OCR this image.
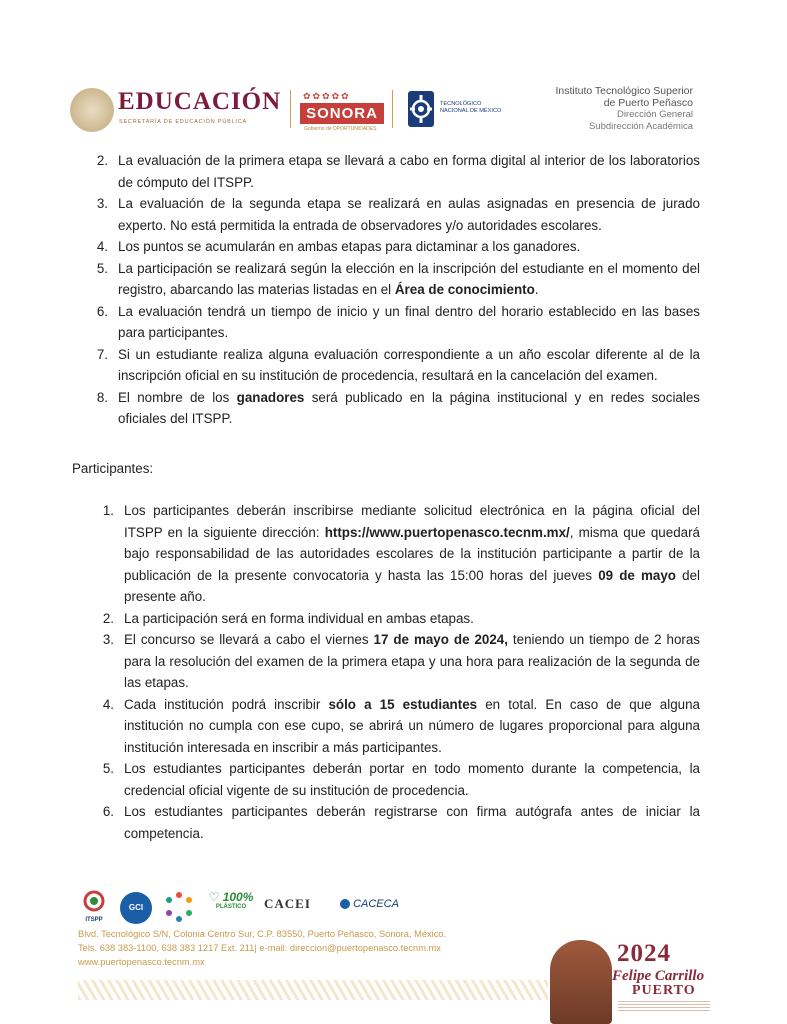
EDUCACIÓN
SECRETARÍA DE EDUCACIÓN PÚBLICA
✿✿✿✿✿
SONORA
Gobierno de OPORTUNIDADES
TECNOLÓGICO
NACIONAL DE MÉXICO
Instituto Tecnológico Superior
de Puerto Peñasco
Dirección General
Subdirección Académica
2. La evaluación de la primera etapa se llevará a cabo en forma digital al interior de los laboratorios de cómputo del ITSPP.
3. La evaluación de la segunda etapa se realizará en aulas asignadas en presencia de jurado experto. No está permitida la entrada de observadores y/o autoridades escolares.
4. Los puntos se acumularán en ambas etapas para dictaminar a los ganadores.
5. La participación se realizará según la elección en la inscripción del estudiante en el momento del registro, abarcando las materias listadas en el Área de conocimiento.
6. La evaluación tendrá un tiempo de inicio y un final dentro del horario establecido en las bases para participantes.
7. Si un estudiante realiza alguna evaluación correspondiente a un año escolar diferente al de la inscripción oficial en su institución de procedencia, resultará en la cancelación del examen.
8. El nombre de los ganadores será publicado en la página institucional y en redes sociales oficiales del ITSPP.
Participantes:
1. Los participantes deberán inscribirse mediante solicitud electrónica en la página oficial del ITSPP en la siguiente dirección: https://www.puertopenasco.tecnm.mx/, misma que quedará bajo responsabilidad de las autoridades escolares de la institución participante a partir de la publicación de la presente convocatoria y hasta las 15:00 horas del jueves 09 de mayo del presente año.
2. La participación será en forma individual en ambas etapas.
3. El concurso se llevará a cabo el viernes 17 de mayo de 2024, teniendo un tiempo de 2 horas para la resolución del examen de la primera etapa y una hora para realización de la segunda de las etapas.
4. Cada institución podrá inscribir sólo a 15 estudiantes en total. En caso de que alguna institución no cumpla con ese cupo, se abrirá un número de lugares proporcional para alguna institución interesada en inscribir a más participantes.
5. Los estudiantes participantes deberán portar en todo momento durante la competencia, la credencial oficial vigente de su institución de procedencia.
6. Los estudiantes participantes deberán registrarse con firma autógrafa antes de iniciar la competencia.
ITSPP
GCI
♡ 100%
PLÁSTICO	CACEI	CACECA
Blvd. Tecnológico S/N, Colonia Centro Sur, C.P. 83550, Puerto Peñasco, Sonora, México.
Tels. 638 383-1100, 638 383 1217 Ext. 211| e-mail: direccion@puertopenasco.tecnm.mx
www.puertopenasco.tecnm.mx	2024
Felipe Carrillo
PUERTO
